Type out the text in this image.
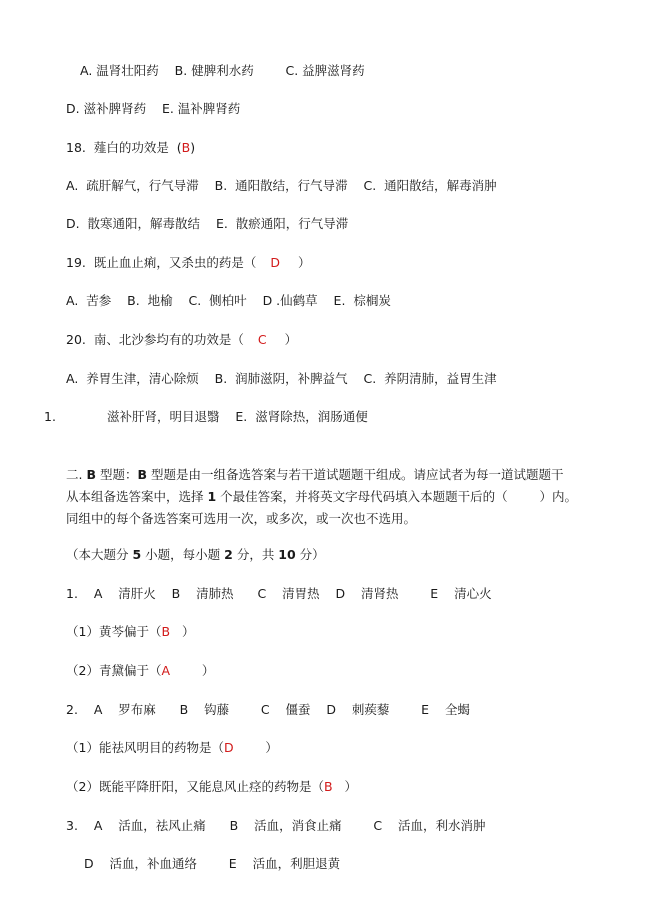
A. 温肾壮阳药    B. 健脾利水药        C. 益脾滋肾药
D. 滋补脾肾药    E. 温补脾肾药
18.  薤白的功效是  (B)
A.  疏肝解气，行气导滞    B.  通阳散结，行气导滞    C.  通阳散结，解毒消肿
D.  散寒通阳，解毒散结    E.  散瘀通阳，行气导滞
19.  既止血止痢，又杀虫的药是（ D ）
A.  苦参    B.  地榆    C.  侧柏叶    D .仙鹤草    E.  棕榈炭
20.  南、北沙参均有的功效是（ C ）
A.  养胃生津，清心除烦    B.  润肺滋阴，补脾益气    C.  养阴清肺，益胃生津
1.	滋补肝肾，明目退翳    E.  滋肾除热，润肠通便
二. B 型题：B 型题是由一组备选答案与若干道试题题干组成。请应试者为每一道试题题干
从本组备选答案中，选择 1 个最佳答案，并将英文字母代码填入本题题干后的（        ）内。
同组中的每个备选答案可选用一次，或多次，或一次也不选用。
（本大题分 5 小题，每小题 2 分，共 10 分）
1.    A    清肝火    B    清肺热      C    清胃热    D    清肾热        E    清心火
（1）黄芩偏于（B   ）
（2）青黛偏于（A        ）
2.    A    罗布麻      B    钩藤        C    僵蚕    D    刺蒺藜        E    全蝎
（1）能祛风明目的药物是（D        ）
（2）既能平降肝阳，又能息风止痉的药物是（B   ）
3.    A    活血，祛风止痛      B    活血，消食止痛        C    活血，利水消肿
D    活血，补血通络        E    活血，利胆退黄
